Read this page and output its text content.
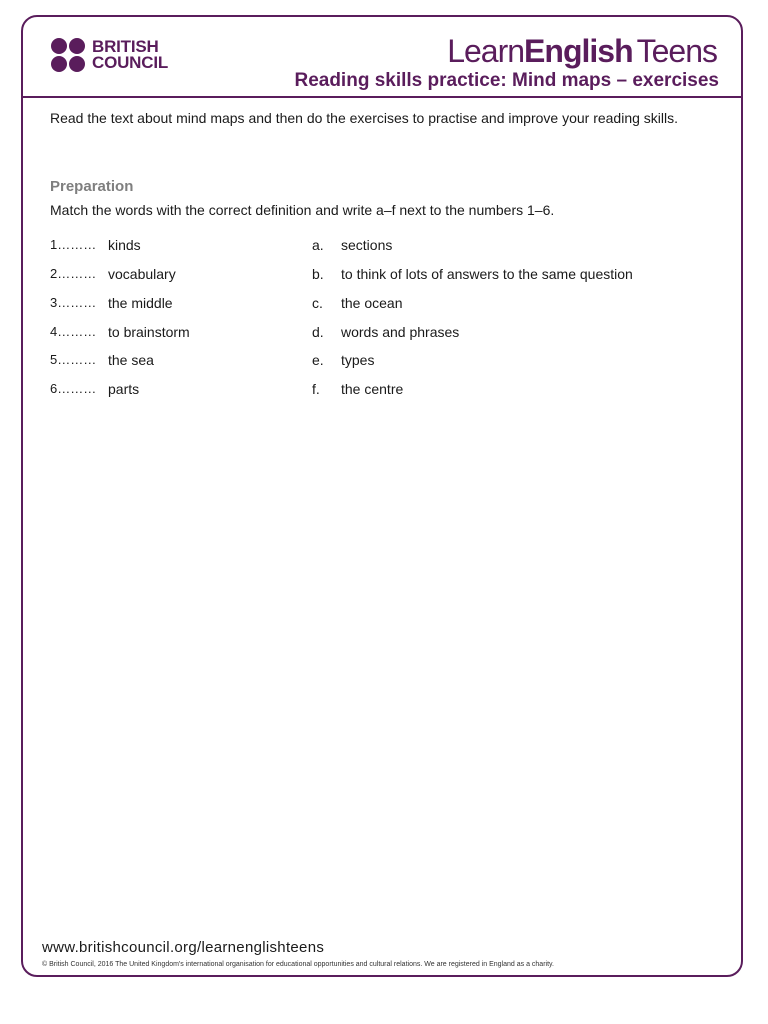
BRITISH
COUNCIL	LearnEnglish Teens
Reading skills practice: Mind maps – exercises
Read the text about mind maps and then do the exercises to practise and improve your reading skills.
Preparation
Match the words with the correct definition and write a–f next to the numbers 1–6.
1……… kinds	a. sections
2……… vocabulary	b. to think of lots of answers to the same question
3……… the middle	c. the ocean
4……… to brainstorm	d. words and phrases
5……… the sea	e. types
6……… parts	f. the centre
www.britishcouncil.org/learnenglishteens
© British Council, 2016 The United Kingdom's international organisation for educational opportunities and cultural relations. We are registered in England as a charity.
